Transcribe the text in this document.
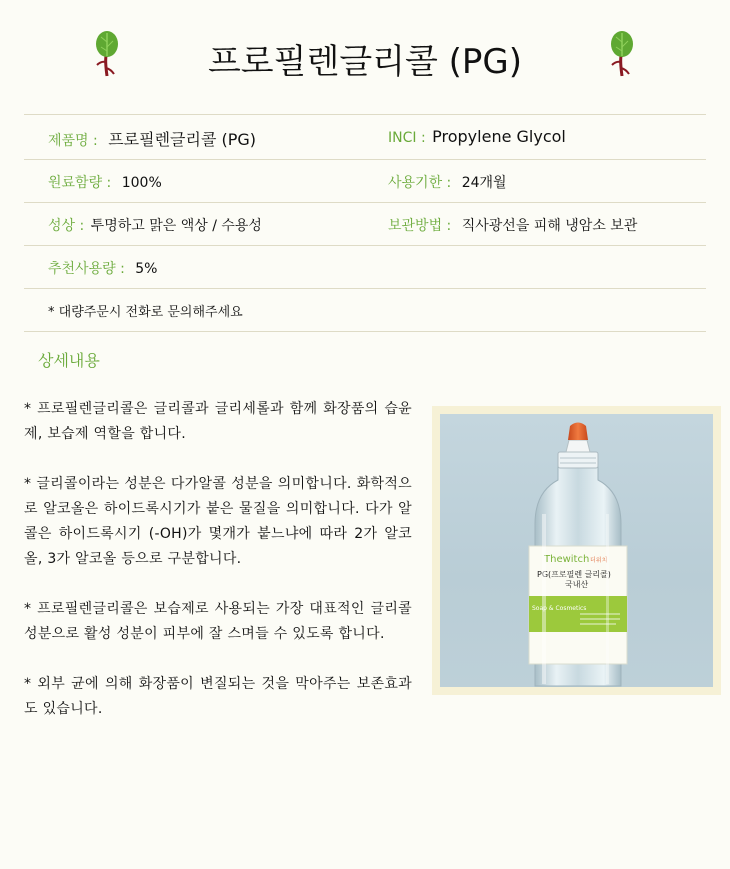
프로필렌글리콜 (PG)
제품명 : 프로필렌글리콜 (PG)	INCI : Propylene Glycol
원료함량 : 100%	사용기한 : 24개월
성상 : 투명하고 맑은 액상 / 수용성	보관방법 : 직사광선을 피해 냉암소 보관
추천사용량 : 5%
* 대량주문시 전화로 문의해주세요
상세내용

* 프로필렌글리콜은 글리콜과 글리세롤과 함께 화장품의 습윤제, 보습제 역할을 합니다.

* 글리콜이라는 성분은 다가알콜 성분을 의미합니다. 화학적으로 알코올은 하이드록시기가 붙은 물질을 의미합니다. 다가 알콜은 하이드록시기 (-OH)가 몇개가 붙느냐에 따라 2가 알코올, 3가 알코올 등으로 구분합니다.

* 프로필렌글리콜은 보습제로 사용되는 가장 대표적인 글리콜 성분으로 활성 성분이 피부에 잘 스며들 수 있도록 합니다.

* 외부 균에 의해 화장품이 변질되는 것을 막아주는 보존효과도 있습니다.

Thewitch 더위치
PG(프로필렌 글리콜)
국내산
Soap & Cosmetics
